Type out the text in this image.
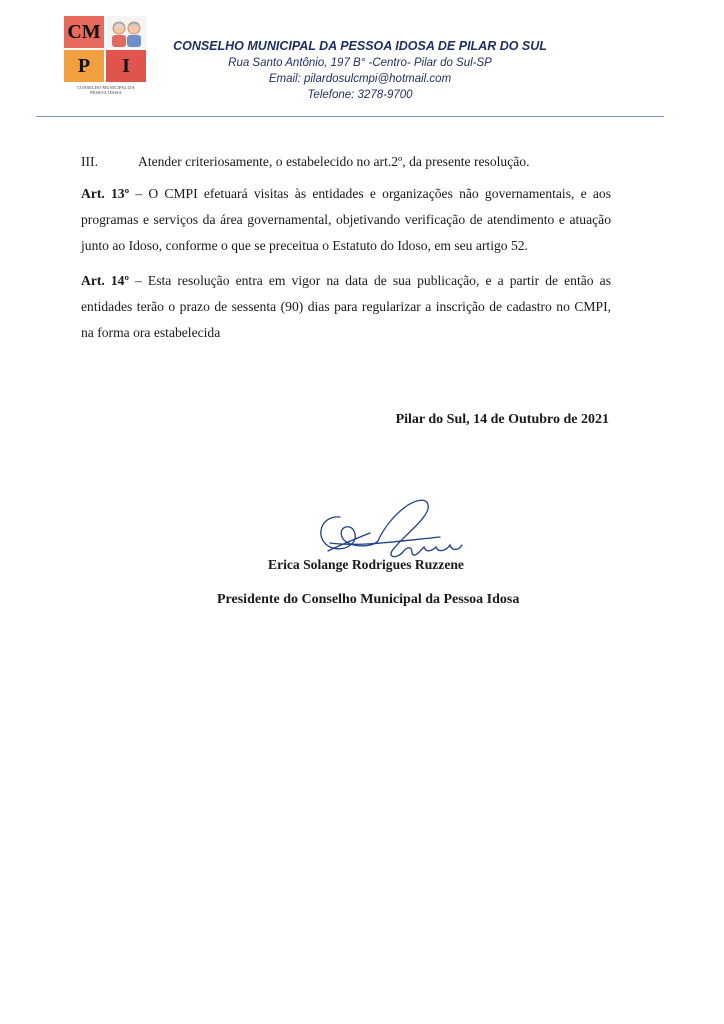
CM
P	I
CONSELHO MUNICIPAL DA
PESSOA IDOSA
CONSELHO MUNICIPAL DA PESSOA IDOSA DE PILAR DO SUL
Rua Santo Antônio, 197 B° -Centro- Pilar do Sul-SP
Email: pilardosulcmpi@hotmail.com
Telefone: 3278-9700
III.	Atender criteriosamente, o estabelecido no art.2º, da presente resolução.

Art. 13º – O CMPI efetuará visitas às entidades e organizações não governamentais, e aos programas e serviços da área governamental, objetivando verificação de atendimento e atuação junto ao Idoso, conforme o que se preceitua o Estatuto do Idoso, em seu artigo 52.

Art. 14º – Esta resolução entra em vigor na data de sua publicação, e a partir de então as entidades terão o prazo de sessenta (90) dias para regularizar a inscrição de cadastro no CMPI, na forma ora estabelecida

Pilar do Sul, 14 de Outubro de 2021
Erica Solange Rodrigues Ruzzene
Presidente do Conselho Municipal da Pessoa Idosa
